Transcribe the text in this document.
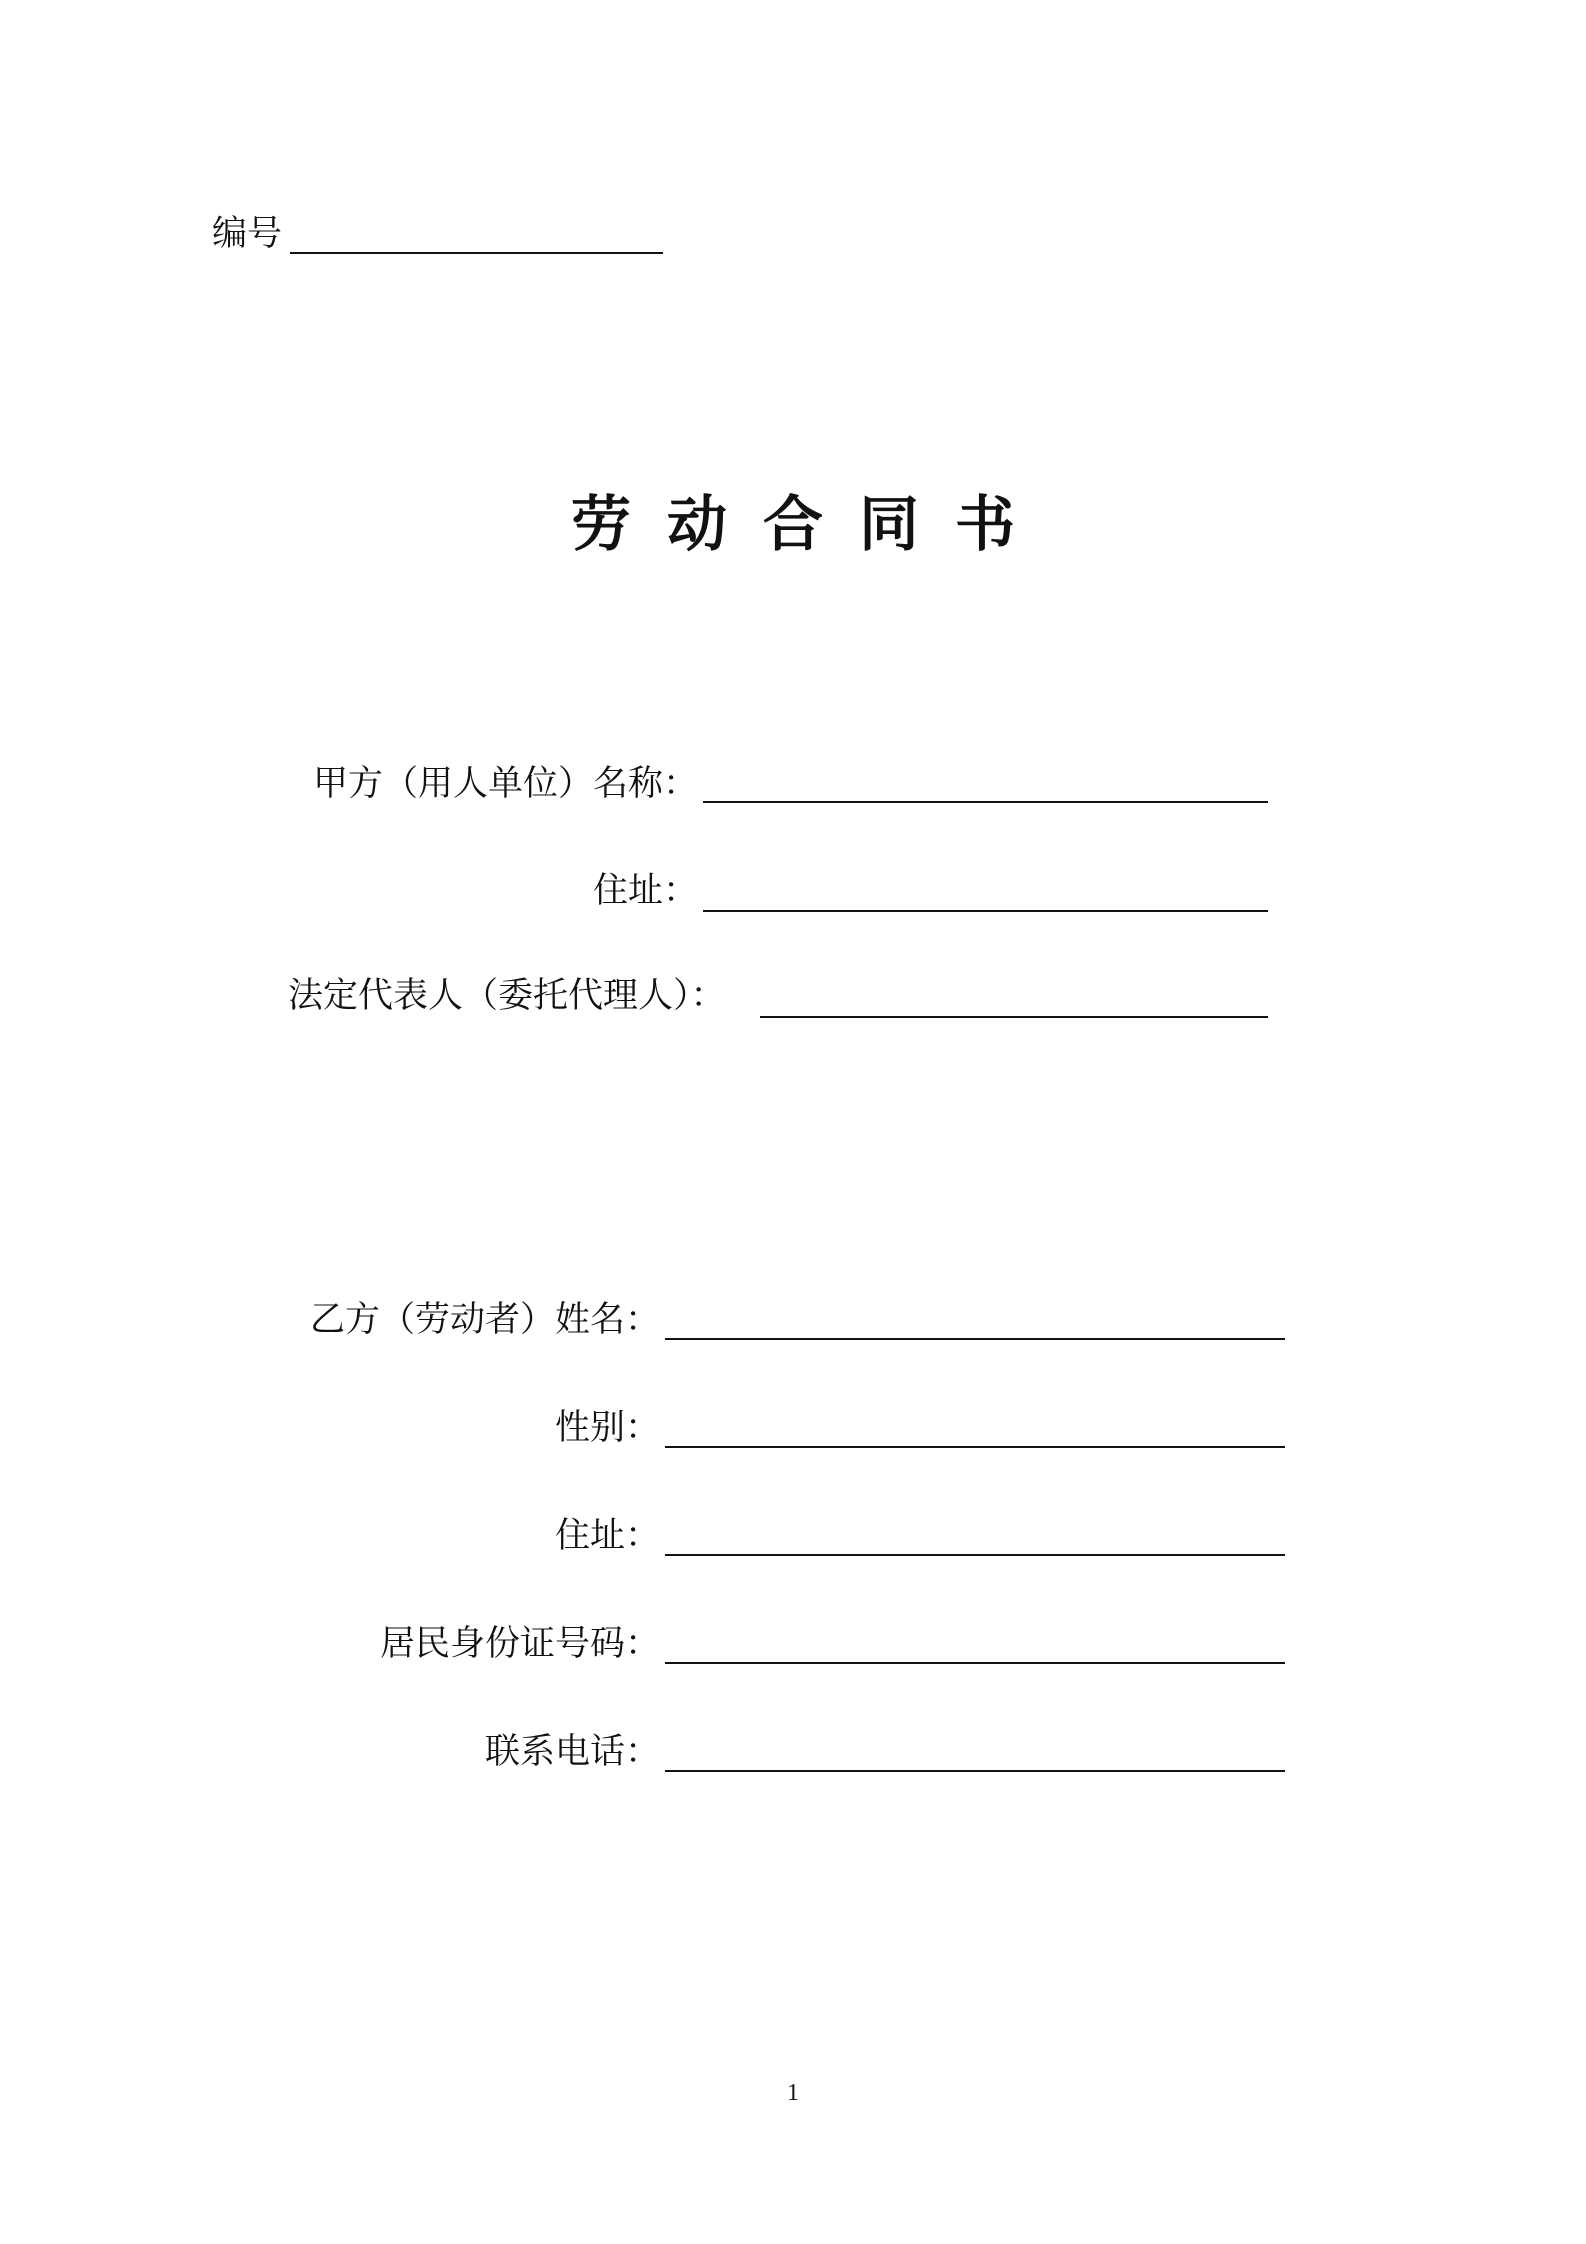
编号
劳动合同书
甲方（用人单位）名称：
住址：
法定代表人（委托代理人）：
乙方（劳动者）姓名：
性别：
住址：
居民身份证号码：
联系电话：
1
